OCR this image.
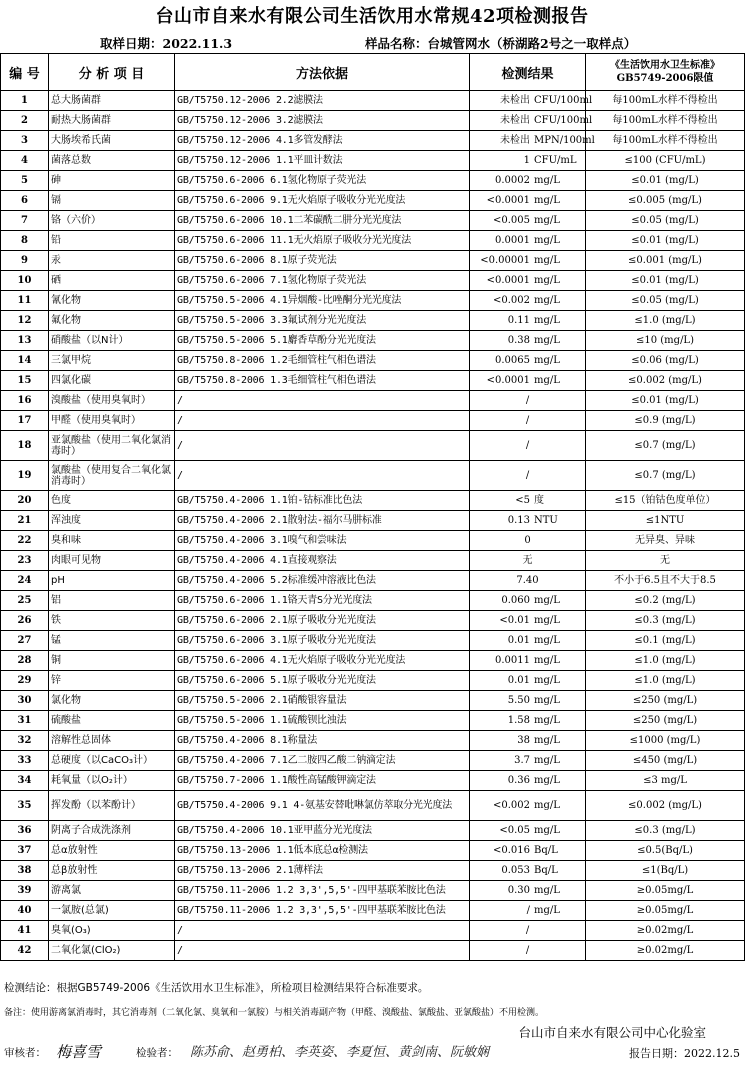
台山市自来水有限公司生活饮用水常规42项检测报告
取样日期：2022.11.3	样品名称：台城管网水（桥湖路2号之一取样点）
编 号	分 析 项 目	方法依据	检测结果	《生活饮用水卫生标准》
GB5749-2006限值
1	总大肠菌群	GB/T5750.12-2006 2.2滤膜法	未检出 CFU/100ml	每100mL水样不得检出
2	耐热大肠菌群	GB/T5750.12-2006 3.2滤膜法	未检出 CFU/100ml	每100mL水样不得检出
3	大肠埃希氏菌	GB/T5750.12-2006 4.1多管发酵法	未检出 MPN/100ml	每100mL水样不得检出
4	菌落总数	GB/T5750.12-2006 1.1平皿计数法	1 CFU/mL	≤100 (CFU/mL)
5	砷	GB/T5750.6-2006 6.1氢化物原子荧光法	0.0002 mg/L	≤0.01 (mg/L)
6	镉	GB/T5750.6-2006 9.1无火焰原子吸收分光光度法	<0.0001 mg/L	≤0.005 (mg/L)
7	铬（六价）	GB/T5750.6-2006 10.1二苯碳酰二肼分光光度法	<0.005 mg/L	≤0.05 (mg/L)
8	铅	GB/T5750.6-2006 11.1无火焰原子吸收分光光度法	0.0001 mg/L	≤0.01 (mg/L)
9	汞	GB/T5750.6-2006 8.1原子荧光法	<0.00001 mg/L	≤0.001 (mg/L)
10	硒	GB/T5750.6-2006 7.1氢化物原子荧光法	<0.0001 mg/L	≤0.01 (mg/L)
11	氰化物	GB/T5750.5-2006 4.1异烟酸-比唑酮分光光度法	<0.002 mg/L	≤0.05 (mg/L)
12	氟化物	GB/T5750.5-2006 3.3氟试剂分光光度法	0.11 mg/L	≤1.0 (mg/L)
13	硝酸盐（以N计）	GB/T5750.5-2006 5.1麝香草酚分光光度法	0.38 mg/L	≤10 (mg/L)
14	三氯甲烷	GB/T5750.8-2006 1.2毛细管柱气相色谱法	0.0065 mg/L	≤0.06 (mg/L)
15	四氯化碳	GB/T5750.8-2006 1.3毛细管柱气相色谱法	<0.0001 mg/L	≤0.002 (mg/L)
16	溴酸盐（使用臭氧时）	/	/	≤0.01 (mg/L)
17	甲醛（使用臭氧时）	/	/	≤0.9 (mg/L)
18	亚氯酸盐（使用二氧化氯消毒时）	/	/	≤0.7 (mg/L)
19	氯酸盐（使用复合二氧化氯消毒时）	/	/	≤0.7 (mg/L)
20	色度	GB/T5750.4-2006 1.1铂-钴标准比色法	<5 度	≤15（铂钴色度单位）
21	浑浊度	GB/T5750.4-2006 2.1散射法-福尔马肼标准	0.13 NTU	≤1NTU
22	臭和味	GB/T5750.4-2006 3.1嗅气和尝味法	0	无异臭、异味
23	肉眼可见物	GB/T5750.4-2006 4.1直接观察法	无	无
24	pH	GB/T5750.4-2006 5.2标准缓冲溶液比色法	7.40	不小于6.5且不大于8.5
25	铝	GB/T5750.6-2006 1.1铬天青S分光光度法	0.060 mg/L	≤0.2 (mg/L)
26	铁	GB/T5750.6-2006 2.1原子吸收分光光度法	<0.01 mg/L	≤0.3 (mg/L)
27	锰	GB/T5750.6-2006 3.1原子吸收分光光度法	0.01 mg/L	≤0.1 (mg/L)
28	铜	GB/T5750.6-2006 4.1无火焰原子吸收分光光度法	0.0011 mg/L	≤1.0 (mg/L)
29	锌	GB/T5750.6-2006 5.1原子吸收分光光度法	0.01 mg/L	≤1.0 (mg/L)
30	氯化物	GB/T5750.5-2006 2.1硝酸银容量法	5.50 mg/L	≤250 (mg/L)
31	硫酸盐	GB/T5750.5-2006 1.1硫酸钡比浊法	1.58 mg/L	≤250 (mg/L)
32	溶解性总固体	GB/T5750.4-2006 8.1称量法	38 mg/L	≤1000 (mg/L)
33	总硬度（以CaCO₃计）	GB/T5750.4-2006 7.1乙二胺四乙酸二钠滴定法	3.7 mg/L	≤450 (mg/L)
34	耗氧量（以O₂计）	GB/T5750.7-2006 1.1酸性高锰酸钾滴定法	0.36 mg/L	≤3 mg/L
35	挥发酚（以苯酚计）	GB/T5750.4-2006 9.1 4-氨基安替吡啉氯仿萃取分光光度法	<0.002 mg/L	≤0.002 (mg/L)
36	阴离子合成洗涤剂	GB/T5750.4-2006 10.1亚甲蓝分光光度法	<0.05 mg/L	≤0.3 (mg/L)
37	总α放射性	GB/T5750.13-2006 1.1低本底总α检测法	<0.016 Bq/L	≤0.5(Bq/L)
38	总β放射性	GB/T5750.13-2006 2.1薄样法	0.053 Bq/L	≤1(Bq/L)
39	游离氯	GB/T5750.11-2006 1.2 3,3',5,5'-四甲基联苯胺比色法	0.30 mg/L	≥0.05mg/L
40	一氯胺(总氯)	GB/T5750.11-2006 1.2 3,3',5,5'-四甲基联苯胺比色法	/ mg/L	≥0.05mg/L
41	臭氧(O₃)	/	/	≥0.02mg/L
42	二氧化氯(ClO₂)	/	/	≥0.02mg/L
检测结论：根据GB5749-2006《生活饮用水卫生标准》，所检项目检测结果符合标准要求。
备注：使用游离氯消毒时，其它消毒剂（二氧化氯、臭氧和一氯胺）与相关消毒副产物（甲醛、溴酸盐、氯酸盐、亚氯酸盐）不用检测。
台山市自来水有限公司中心化验室
审核者： 梅喜雪	检验者： 陈苏俞、赵勇柏、李英姿、李夏恒、黄剑南、阮敏娴	报告日期：2022.12.5
